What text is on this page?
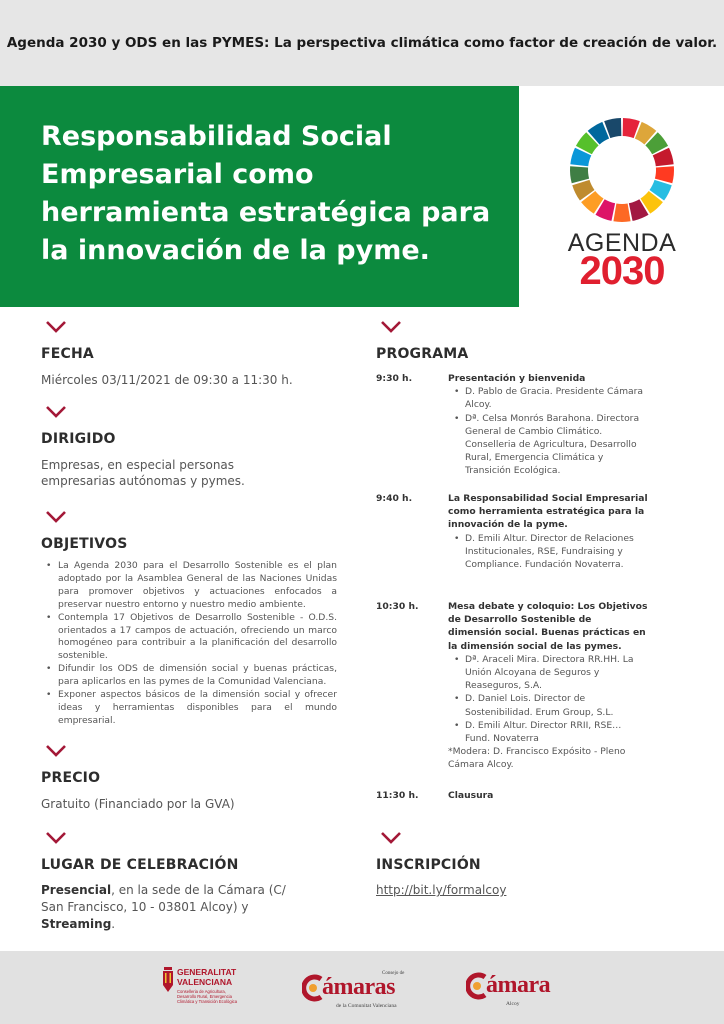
Agenda 2030 y ODS en las PYMES: La perspectiva climática como factor de creación de valor.
Responsabilidad Social Empresarial como herramienta estratégica para la innovación de la pyme.	AGENDA
2030
FECHA
Miércoles 03/11/2021 de 09:30 a 11:30 h.
DIRIGIDO
Empresas, en especial personas empresarias autónomas y pymes.
OBJETIVOS
• La Agenda 2030 para el Desarrollo Sostenible es el plan adoptado por la Asamblea General de las Naciones Unidas para promover objetivos y actuaciones enfocados a preservar nuestro entorno y nuestro medio ambiente.
• Contempla 17 Objetivos de Desarrollo Sostenible - O.D.S. orientados a 17 campos de actuación, ofreciendo un marco homogéneo para contribuir a la planificación del desarrollo sostenible.
• Difundir los ODS de dimensión social y buenas prácticas, para aplicarlos en las pymes de la Comunidad Valenciana.
• Exponer aspectos básicos de la dimensión social y ofrecer ideas y herramientas disponibles para el mundo empresarial.
PRECIO
Gratuito (Financiado por la GVA)
LUGAR DE CELEBRACIÓN
Presencial, en la sede de la Cámara (C/ San Francisco, 10 - 03801 Alcoy) y Streaming.
PROGRAMA
9:30 h.	Presentación y bienvenida
• D. Pablo de Gracia. Presidente Cámara Alcoy.
• Dª. Celsa Monrós Barahona. Directora General de Cambio Climático. Conselleria de Agricultura, Desarrollo Rural, Emergencia Climática y Transición Ecológica.
9:40 h.	La Responsabilidad Social Empresarial como herramienta estratégica para la innovación de la pyme.
• D. Emili Altur. Director de Relaciones Institucionales, RSE, Fundraising y Compliance. Fundación Novaterra.
10:30 h.	Mesa debate y coloquio: Los Objetivos de Desarrollo Sostenible de dimensión social. Buenas prácticas en la dimensión social de las pymes.
• Dª. Araceli Mira. Directora RR.HH. La Unión Alcoyana de Seguros y Reaseguros, S.A.
• D. Daniel Lois. Director de Sostenibilidad. Erum Group, S.L.
• D. Emili Altur. Director RRII, RSE… Fund. Novaterra
*Modera: D. Francisco Expósito - Pleno Cámara Alcoy.
11:30 h.	Clausura
INSCRIPCIÓN
http://bit.ly/formalcoy
GENERALITAT
VALENCIANA
Conselleria de Agricultura,
Desarrollo Rural, Emergencia
Climàtica y Transición Ecològica
Consejo de
ámaras
de la Comunitat Valenciana
ámara
Alcoy
